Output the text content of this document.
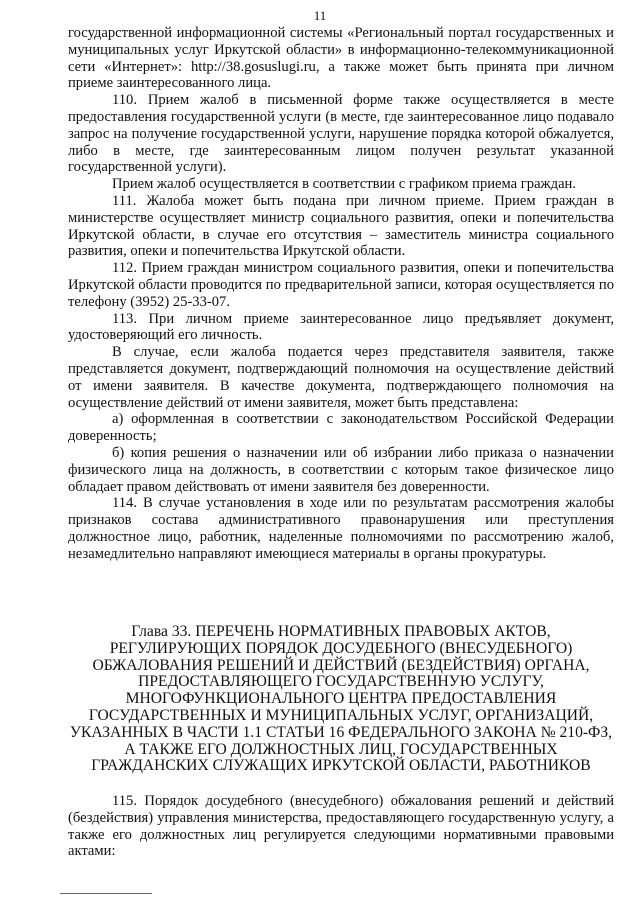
11

государственной информационной системы «Региональный портал государственных и муниципальных услуг Иркутской области» в информационно-телекоммуникационной сети «Интернет»: http://38.gosuslugi.ru, а также может быть принята при личном приеме заинтересованного лица.

110. Прием жалоб в письменной форме также осуществляется в месте предоставления государственной услуги (в месте, где заинтересованное лицо подавало запрос на получение государственной услуги, нарушение порядка которой обжалуется, либо в месте, где заинтересованным лицом получен результат указанной государственной услуги).

Прием жалоб осуществляется в соответствии с графиком приема граждан.

111. Жалоба может быть подана при личном приеме. Прием граждан в министерстве осуществляет министр социального развития, опеки и попечительства Иркутской области, в случае его отсутствия – заместитель министра социального развития, опеки и попечительства Иркутской области.

112. Прием граждан министром социального развития, опеки и попечительства Иркутской области проводится по предварительной записи, которая осуществляется по телефону (3952) 25-33-07.

113. При личном приеме заинтересованное лицо предъявляет документ, удостоверяющий его личность.

В случае, если жалоба подается через представителя заявителя, также представляется документ, подтверждающий полномочия на осуществление действий от имени заявителя. В качестве документа, подтверждающего полномочия на осуществление действий от имени заявителя, может быть представлена:

а) оформленная в соответствии с законодательством Российской Федерации доверенность;

б) копия решения о назначении или об избрании либо приказа о назначении физического лица на должность, в соответствии с которым такое физическое лицо обладает правом действовать от имени заявителя без доверенности.

114. В случае установления в ходе или по результатам рассмотрения жалобы признаков состава административного правонарушения или преступления должностное лицо, работник, наделенные полномочиями по рассмотрению жалоб, незамедлительно направляют имеющиеся материалы в органы прокуратуры.

Глава 33. ПЕРЕЧЕНЬ НОРМАТИВНЫХ ПРАВОВЫХ АКТОВ, РЕГУЛИРУЮЩИХ ПОРЯДОК ДОСУДЕБНОГО (ВНЕСУДЕБНОГО) ОБЖАЛОВАНИЯ РЕШЕНИЙ И ДЕЙСТВИЙ (БЕЗДЕЙСТВИЯ) ОРГАНА, ПРЕДОСТАВЛЯЮЩЕГО ГОСУДАРСТВЕННУЮ УСЛУГУ, МНОГОФУНКЦИОНАЛЬНОГО ЦЕНТРА ПРЕДОСТАВЛЕНИЯ ГОСУДАРСТВЕННЫХ И МУНИЦИПАЛЬНЫХ УСЛУГ, ОРГАНИЗАЦИЙ, УКАЗАННЫХ В ЧАСТИ 1.1 СТАТЬИ 16 ФЕДЕРАЛЬНОГО ЗАКОНА № 210-ФЗ, А ТАКЖЕ ЕГО ДОЛЖНОСТНЫХ ЛИЦ, ГОСУДАРСТВЕННЫХ ГРАЖДАНСКИХ СЛУЖАЩИХ ИРКУТСКОЙ ОБЛАСТИ, РАБОТНИКОВ

115. Порядок досудебного (внесудебного) обжалования решений и действий (бездействия) управления министерства, предоставляющего государственную услугу, а также его должностных лиц регулируется следующими нормативными правовыми актами:
